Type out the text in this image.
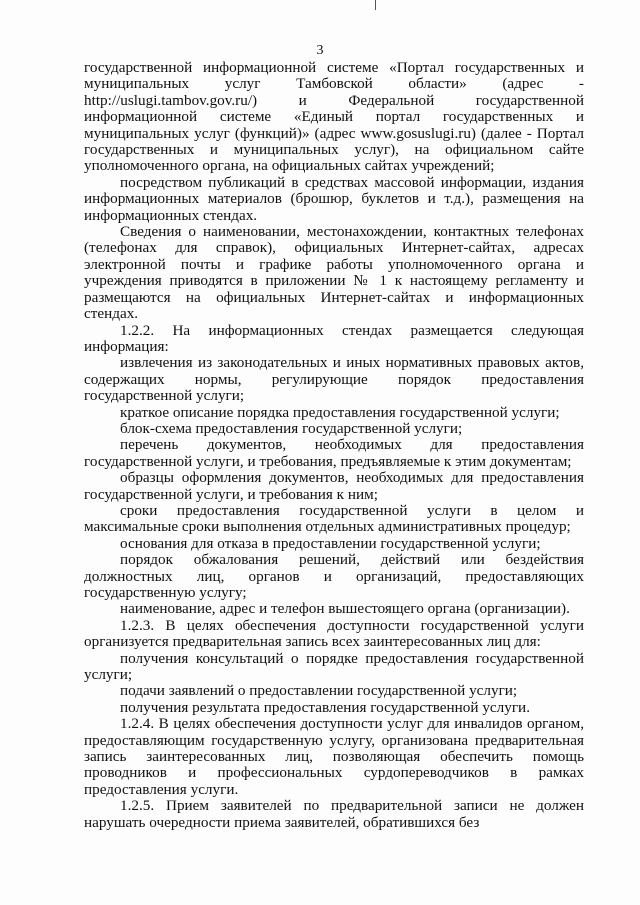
3

государственной информационной системе «Портал государственных и муниципальных услуг Тамбовской области» (адрес - http://uslugi.tambov.gov.ru/) и Федеральной государственной информационной системе «Единый портал государственных и муниципальных услуг (функций)» (адрес www.gosuslugi.ru) (далее - Портал государственных и муниципальных услуг), на официальном сайте уполномоченного органа, на официальных сайтах учреждений;

посредством публикаций в средствах массовой информации, издания информационных материалов (брошюр, буклетов и т.д.), размещения на информационных стендах.

Сведения о наименовании, местонахождении, контактных телефонах (телефонах для справок), официальных Интернет-сайтах, адресах электронной почты и графике работы уполномоченного органа и учреждения приводятся в приложении № 1 к настоящему регламенту и размещаются на официальных Интернет-сайтах и информационных стендах.

1.2.2. На информационных стендах размещается следующая информация:

извлечения из законодательных и иных нормативных правовых актов, содержащих нормы, регулирующие порядок предоставления государственной услуги;

краткое описание порядка предоставления государственной услуги;

блок-схема предоставления государственной услуги;

перечень документов, необходимых для предоставления государственной услуги, и требования, предъявляемые к этим документам;

образцы оформления документов, необходимых для предоставления государственной услуги, и требования к ним;

сроки предоставления государственной услуги в целом и максимальные сроки выполнения отдельных административных процедур;

основания для отказа в предоставлении государственной услуги;

порядок обжалования решений, действий или бездействия должностных лиц, органов и организаций, предоставляющих государственную услугу;

наименование, адрес и телефон вышестоящего органа (организации).

1.2.3. В целях обеспечения доступности государственной услуги организуется предварительная запись всех заинтересованных лиц для:

получения консультаций о порядке предоставления государственной услуги;

подачи заявлений о предоставлении государственной услуги;

получения результата предоставления государственной услуги.

1.2.4. В целях обеспечения доступности услуг для инвалидов органом, предоставляющим государственную услугу, организована предварительная запись заинтересованных лиц, позволяющая обеспечить помощь проводников и профессиональных сурдопереводчиков в рамках предоставления услуги.

1.2.5. Прием заявителей по предварительной записи не должен нарушать очередности приема заявителей, обратившихся без
